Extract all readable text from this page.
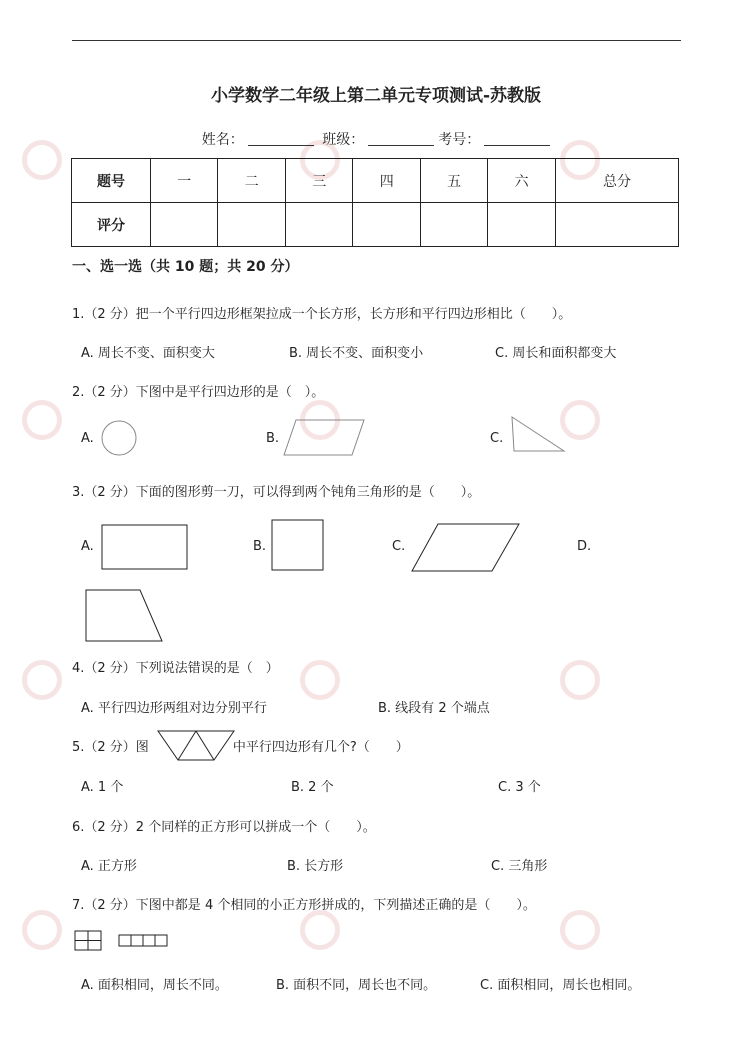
小学数学二年级上第二单元专项测试-苏教版
姓名：	班级：	考号：
题号	一	二	三	四	五	六	总分
评分							
一、选一选（共 10 题；共 20 分）
1.（2 分）把一个平行四边形框架拉成一个长方形，长方形和平行四边形相比（　　）。
A. 周长不变、面积变大	B. 周长不变、面积变小	C. 周长和面积都变大
2.（2 分）下图中是平行四边形的是（　）。
A.	B.	C.
3.（2 分）下面的图形剪一刀，可以得到两个钝角三角形的是（　　）。
A.	B.	C.	D.
4.（2 分）下列说法错误的是（　）
A. 平行四边形两组对边分别平行	B. 线段有 2 个端点
5.（2 分）图	中平行四边形有几个?（　　）
A. 1 个	B. 2 个	C. 3 个
6.（2 分）2 个同样的正方形可以拼成一个（　　）。
A. 正方形	B. 长方形	C. 三角形
7.（2 分）下图中都是 4 个相同的小正方形拼成的，下列描述正确的是（　　）。
A. 面积相同，周长不同。	B. 面积不同，周长也不同。	C. 面积相同，周长也相同。
